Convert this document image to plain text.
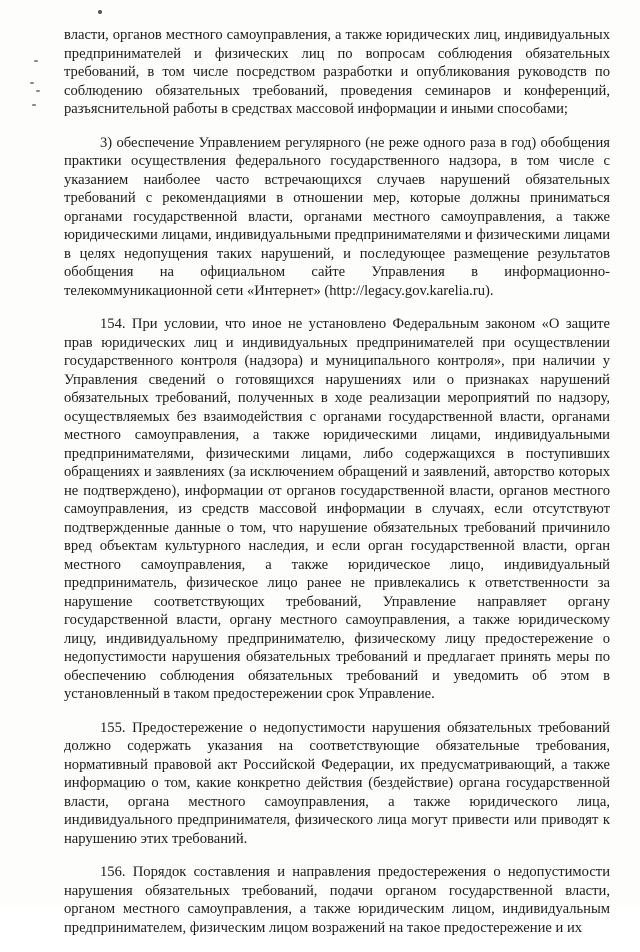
власти, органов местного самоуправления, а также юридических лиц, индивидуальных предпринимателей и физических лиц по вопросам соблюдения обязательных требований, в том числе посредством разработки и опубликования руководств по соблюдению обязательных требований, проведения семинаров и конференций, разъяснительной работы в средствах массовой информации и иными способами;

3) обеспечение Управлением регулярного (не реже одного раза в год) обобщения практики осуществления федерального государственного надзора, в том числе с указанием наиболее часто встречающихся случаев нарушений обязательных требований с рекомендациями в отношении мер, которые должны приниматься органами государственной власти, органами местного самоуправления, а также юридическими лицами, индивидуальными предпринимателями и физическими лицами в целях недопущения таких нарушений, и последующее размещение результатов обобщения на официальном сайте Управления в информационно-телекоммуникационной сети «Интернет» (http://legacy.gov.karelia.ru).

154. При условии, что иное не установлено Федеральным законом «О защите прав юридических лиц и индивидуальных предпринимателей при осуществлении государственного контроля (надзора) и муниципального контроля», при наличии у Управления сведений о готовящихся нарушениях или о признаках нарушений обязательных требований, полученных в ходе реализации мероприятий по надзору, осуществляемых без взаимодействия с органами государственной власти, органами местного самоуправления, а также юридическими лицами, индивидуальными предпринимателями, физическими лицами, либо содержащихся в поступивших обращениях и заявлениях (за исключением обращений и заявлений, авторство которых не подтверждено), информации от органов государственной власти, органов местного самоуправления, из средств массовой информации в случаях, если отсутствуют подтвержденные данные о том, что нарушение обязательных требований причинило вред объектам культурного наследия, и если орган государственной власти, орган местного самоуправления, а также юридическое лицо, индивидуальный предприниматель, физическое лицо ранее не привлекались к ответственности за нарушение соответствующих требований, Управление направляет органу государственной власти, органу местного самоуправления, а также юридическому лицу, индивидуальному предпринимателю, физическому лицу предостережение о недопустимости нарушения обязательных требований и предлагает принять меры по обеспечению соблюдения обязательных требований и уведомить об этом в установленный в таком предостережении срок Управление.

155. Предостережение о недопустимости нарушения обязательных требований должно содержать указания на соответствующие обязательные требования, нормативный правовой акт Российской Федерации, их предусматривающий, а также информацию о том, какие конкретно действия (бездействие) органа государственной власти, органа местного самоуправления, а также юридического лица, индивидуального предпринимателя, физического лица могут привести или приводят к нарушению этих требований.

156. Порядок составления и направления предостережения о недопустимости нарушения обязательных требований, подачи органом государственной власти, органом местного самоуправления, а также юридическим лицом, индивидуальным предпринимателем, физическим лицом возражений на такое предостережение и их
